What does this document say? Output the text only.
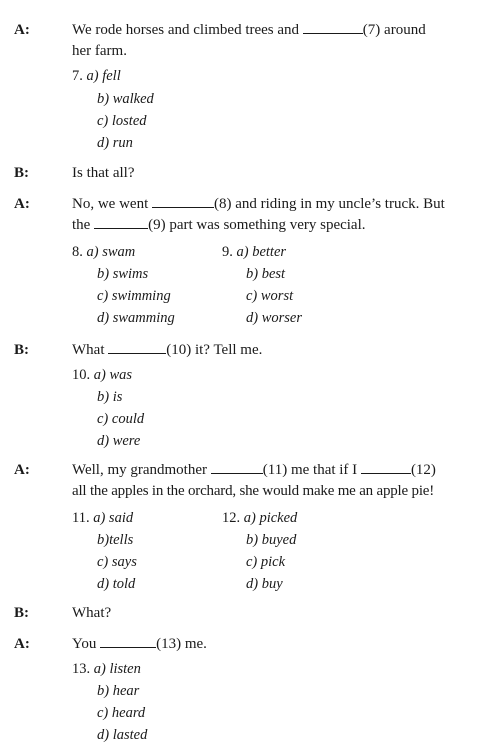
A:	We rode horses and climbed trees and	(7) around
her farm.
7. a) fell
b) walked
c) losted
d) run
B:	Is that all?
A:	No, we went	(8) and riding in my uncle’s truck. But
the	(9) part was something very special.
8. a) swam
b) swims
c) swimming
d) swamming
9. a) better
b) best
c) worst
d) worser
B:	What	(10) it? Tell me.
10. a) was
b) is
c) could
d) were
A:	Well, my grandmother	(11) me that if I	(12)
all the apples in the orchard, she would make me an apple pie!
11. a) said
b)tells
c) says
d) told
12. a) picked
b) buyed
c) pick
d) buy
B:	What?
A:	You	(13) me.
13. a) listen
b) hear
c) heard
d) lasted
